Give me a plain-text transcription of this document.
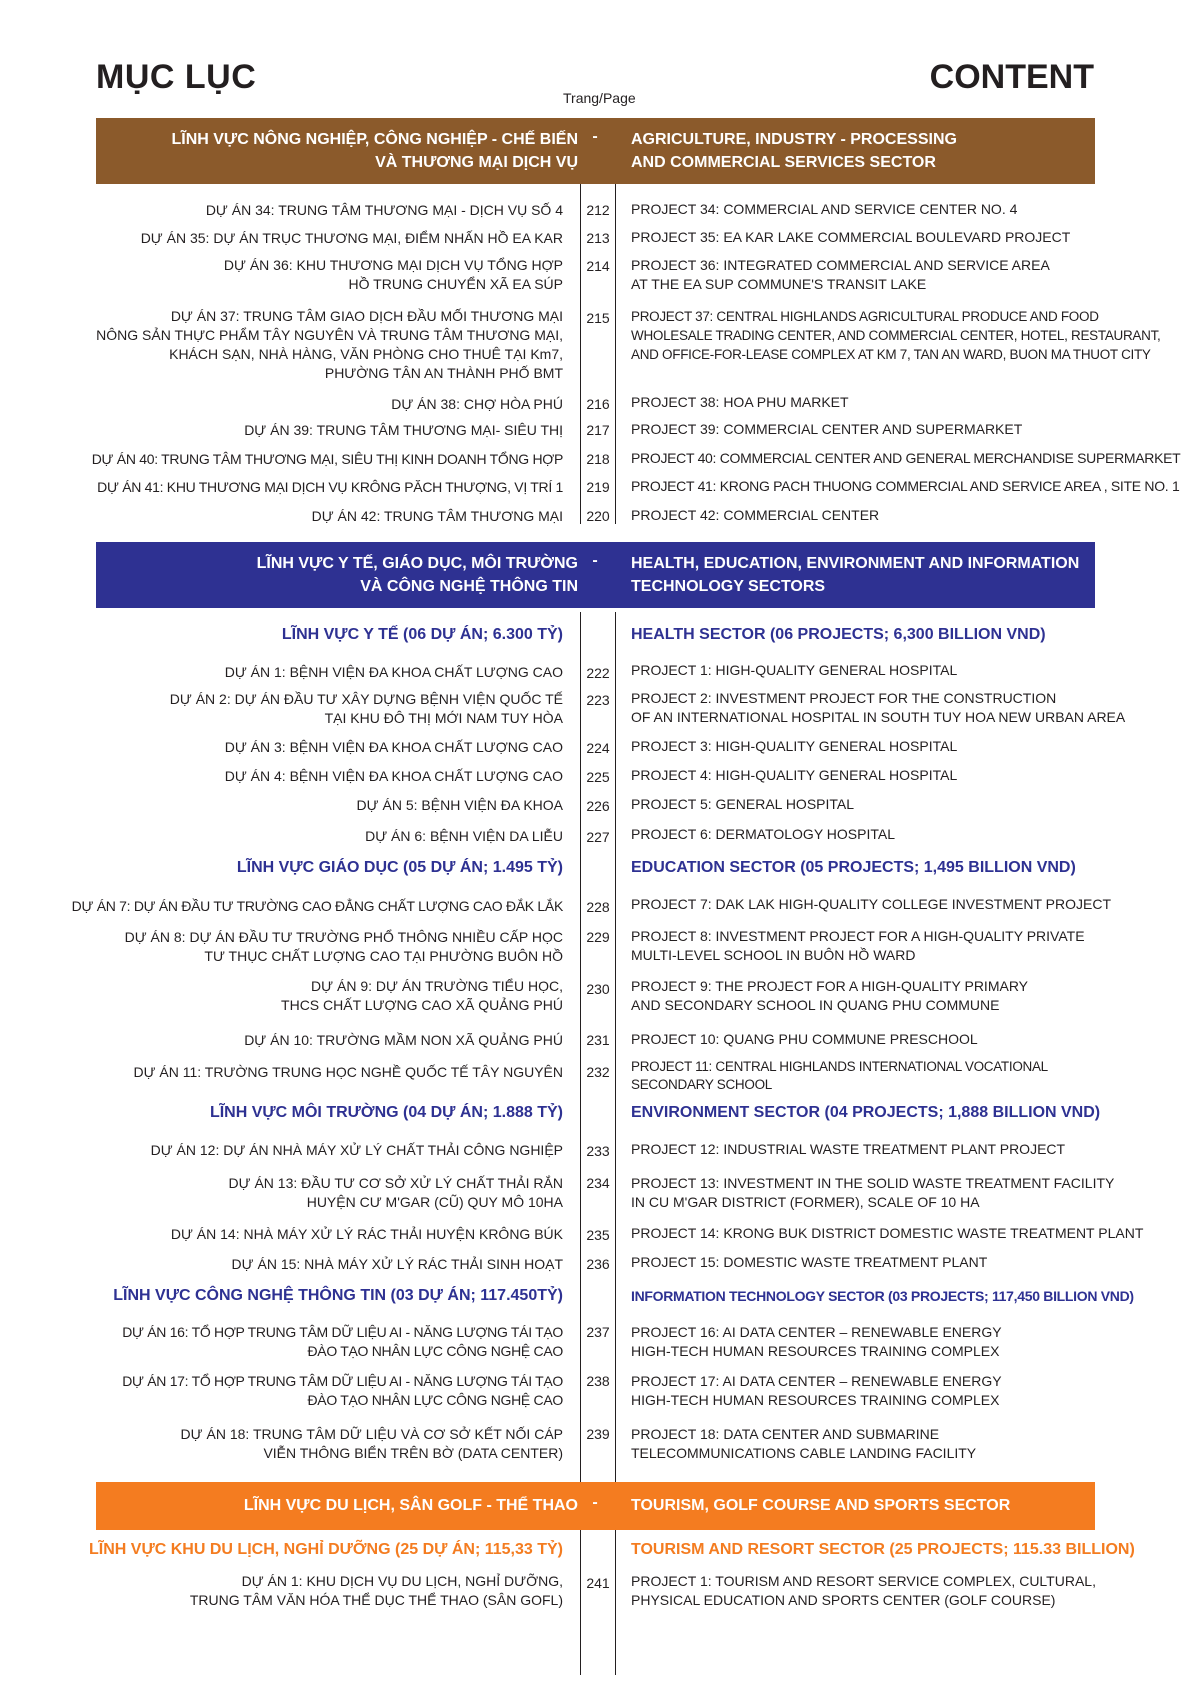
MỤC LỤC
Trang/Page
CONTENT
LĨNH VỰC NÔNG NGHIỆP, CÔNG NGHIỆP - CHẾ BIẾN
VÀ THƯƠNG MẠI DỊCH VỤ
- AGRICULTURE, INDUSTRY - PROCESSING
AND COMMERCIAL SERVICES SECTOR
DỰ ÁN 34: TRUNG TÂM THƯƠNG MẠI - DỊCH VỤ SỐ 4	212	PROJECT 34: COMMERCIAL AND SERVICE CENTER NO. 4
DỰ ÁN 35: DỰ ÁN TRỤC THƯƠNG MẠI, ĐIỂM NHẤN HỒ EA KAR	213	PROJECT 35: EA KAR LAKE COMMERCIAL BOULEVARD PROJECT
DỰ ÁN 36: KHU THƯƠNG MẠI DỊCH VỤ TỔNG HỢP
HỒ TRUNG CHUYỂN XÃ EA SÚP
214	PROJECT 36: INTEGRATED COMMERCIAL AND SERVICE AREA
AT THE EA SUP COMMUNE'S TRANSIT LAKE
DỰ ÁN 37: TRUNG TÂM GIAO DỊCH ĐẦU MỐI THƯƠNG MẠI
NÔNG SẢN THỰC PHẨM TÂY NGUYÊN VÀ TRUNG TÂM THƯƠNG MẠI,
KHÁCH SẠN, NHÀ HÀNG, VĂN PHÒNG CHO THUÊ TẠI Km7,
PHƯỜNG TÂN AN THÀNH PHỐ BMT
215	PROJECT 37: CENTRAL HIGHLANDS AGRICULTURAL PRODUCE AND FOOD
WHOLESALE TRADING CENTER, AND COMMERCIAL CENTER, HOTEL, RESTAURANT,
AND OFFICE-FOR-LEASE COMPLEX AT KM 7, TAN AN WARD, BUON MA THUOT CITY
DỰ ÁN 38: CHỢ HÒA PHÚ	216	PROJECT 38: HOA PHU MARKET
DỰ ÁN 39: TRUNG TÂM THƯƠNG MẠI- SIÊU THỊ	217	PROJECT 39: COMMERCIAL CENTER AND SUPERMARKET
DỰ ÁN 40: TRUNG TÂM THƯƠNG MẠI, SIÊU THỊ KINH DOANH TỔNG HỢP	218	PROJECT 40: COMMERCIAL CENTER AND GENERAL MERCHANDISE SUPERMARKET
DỰ ÁN 41: KHU THƯƠNG MẠI DỊCH VỤ KRÔNG PĂCH THƯỢNG, VỊ TRÍ 1	219	PROJECT 41: KRONG PACH THUONG COMMERCIAL AND SERVICE AREA , SITE NO. 1
DỰ ÁN 42: TRUNG TÂM THƯƠNG MẠI	220	PROJECT 42: COMMERCIAL CENTER
LĨNH VỰC Y TẾ, GIÁO DỤC, MÔI TRƯỜNG
VÀ CÔNG NGHỆ THÔNG TIN
- HEALTH, EDUCATION, ENVIRONMENT AND INFORMATION
TECHNOLOGY SECTORS
LĨNH VỰC Y TẾ (06 DỰ ÁN; 6.300 TỶ)	HEALTH SECTOR (06 PROJECTS; 6,300 BILLION VND)
DỰ ÁN 1: BỆNH VIỆN ĐA KHOA CHẤT LƯỢNG CAO	222	PROJECT 1: HIGH-QUALITY GENERAL HOSPITAL
DỰ ÁN 2: DỰ ÁN ĐẦU TƯ XÂY DỰNG BỆNH VIỆN QUỐC TẾ
TẠI KHU ĐÔ THỊ MỚI NAM TUY HÒA
223	PROJECT 2: INVESTMENT PROJECT FOR THE CONSTRUCTION
OF AN INTERNATIONAL HOSPITAL IN SOUTH TUY HOA NEW URBAN AREA
DỰ ÁN 3: BỆNH VIỆN ĐA KHOA CHẤT LƯỢNG CAO	224	PROJECT 3: HIGH-QUALITY GENERAL HOSPITAL
DỰ ÁN 4: BỆNH VIỆN ĐA KHOA CHẤT LƯỢNG CAO	225	PROJECT 4: HIGH-QUALITY GENERAL HOSPITAL
DỰ ÁN 5: BỆNH VIỆN ĐA KHOA	226	PROJECT 5: GENERAL HOSPITAL
DỰ ÁN 6: BỆNH VIỆN DA LIỄU	227	PROJECT 6: DERMATOLOGY HOSPITAL
LĨNH VỰC GIÁO DỤC (05 DỰ ÁN; 1.495 TỶ)	EDUCATION SECTOR (05 PROJECTS; 1,495 BILLION VND)
DỰ ÁN 7: DỰ ÁN ĐẦU TƯ TRƯỜNG CAO ĐẲNG CHẤT LƯỢNG CAO ĐẮK LẮK	228	PROJECT 7: DAK LAK HIGH-QUALITY COLLEGE INVESTMENT PROJECT
DỰ ÁN 8: DỰ ÁN ĐẦU TƯ TRƯỜNG PHỔ THÔNG NHIỀU CẤP HỌC
TƯ THỤC CHẤT LƯỢNG CAO TẠI PHƯỜNG BUÔN HỒ
229	PROJECT 8: INVESTMENT PROJECT FOR A HIGH-QUALITY PRIVATE
MULTI-LEVEL SCHOOL IN BUÔN HỒ WARD
DỰ ÁN 9: DỰ ÁN TRƯỜNG TIỂU HỌC,
THCS CHẤT LƯỢNG CAO XÃ QUẢNG PHÚ
230	PROJECT 9: THE PROJECT FOR A HIGH-QUALITY PRIMARY
AND SECONDARY SCHOOL IN QUANG PHU COMMUNE
DỰ ÁN 10: TRƯỜNG MẦM NON XÃ QUẢNG PHÚ	231	PROJECT 10: QUANG PHU COMMUNE PRESCHOOL
DỰ ÁN 11: TRƯỜNG TRUNG HỌC NGHỀ QUỐC TẾ TÂY NGUYÊN	232	PROJECT 11: CENTRAL HIGHLANDS INTERNATIONAL VOCATIONAL
SECONDARY SCHOOL
LĨNH VỰC MÔI TRƯỜNG (04 DỰ ÁN; 1.888 TỶ)	ENVIRONMENT SECTOR (04 PROJECTS; 1,888 BILLION VND)
DỰ ÁN 12: DỰ ÁN NHÀ MÁY XỬ LÝ CHẤT THẢI CÔNG NGHIỆP	233	PROJECT 12: INDUSTRIAL WASTE TREATMENT PLANT PROJECT
DỰ ÁN 13: ĐẦU TƯ CƠ SỞ XỬ LÝ CHẤT THẢI RẮN
HUYỆN CƯ M'GAR (CŨ) QUY MÔ 10HA
234	PROJECT 13: INVESTMENT IN THE SOLID WASTE TREATMENT FACILITY
IN CU M'GAR DISTRICT (FORMER), SCALE OF 10 HA
DỰ ÁN 14: NHÀ MÁY XỬ LÝ RÁC THẢI HUYỆN KRÔNG BÚK	235	PROJECT 14: KRONG BUK DISTRICT DOMESTIC WASTE TREATMENT PLANT
DỰ ÁN 15: NHÀ MÁY XỬ LÝ RÁC THẢI SINH HOẠT	236	PROJECT 15: DOMESTIC WASTE TREATMENT PLANT
LĨNH VỰC CÔNG NGHỆ THÔNG TIN (03 DỰ ÁN; 117.450TỶ)	INFORMATION TECHNOLOGY SECTOR (03 PROJECTS; 117,450 BILLION VND)
DỰ ÁN 16: TỔ HỢP TRUNG TÂM DỮ LIỆU AI - NĂNG LƯỢNG TÁI TẠO
ĐÀO TẠO NHÂN LỰC CÔNG NGHỆ CAO
237	PROJECT 16: AI DATA CENTER – RENEWABLE ENERGY
HIGH-TECH HUMAN RESOURCES TRAINING COMPLEX
DỰ ÁN 17: TỔ HỢP TRUNG TÂM DỮ LIỆU AI - NĂNG LƯỢNG TÁI TẠO
ĐÀO TẠO NHÂN LỰC CÔNG NGHỆ CAO
238	PROJECT 17: AI DATA CENTER – RENEWABLE ENERGY
HIGH-TECH HUMAN RESOURCES TRAINING COMPLEX
DỰ ÁN 18: TRUNG TÂM DỮ LIỆU VÀ CƠ SỞ KẾT NỐI CÁP
VIỄN THÔNG BIỂN TRÊN BỜ (DATA CENTER)
239	PROJECT 18: DATA CENTER AND SUBMARINE
TELECOMMUNICATIONS CABLE LANDING FACILITY
LĨNH VỰC DU LỊCH, SÂN GOLF - THỂ THAO - TOURISM, GOLF COURSE AND SPORTS SECTOR
LĨNH VỰC KHU DU LỊCH, NGHỈ DƯỠNG (25 DỰ ÁN; 115,33 TỶ)	TOURISM AND RESORT SECTOR (25 PROJECTS; 115.33 BILLION)
DỰ ÁN 1: KHU DỊCH VỤ DU LỊCH, NGHỈ DƯỠNG,
TRUNG TÂM VĂN HÓA THỂ DỤC THỂ THAO (SÂN GOFL)
241	PROJECT 1: TOURISM AND RESORT SERVICE COMPLEX, CULTURAL,
PHYSICAL EDUCATION AND SPORTS CENTER (GOLF COURSE)
